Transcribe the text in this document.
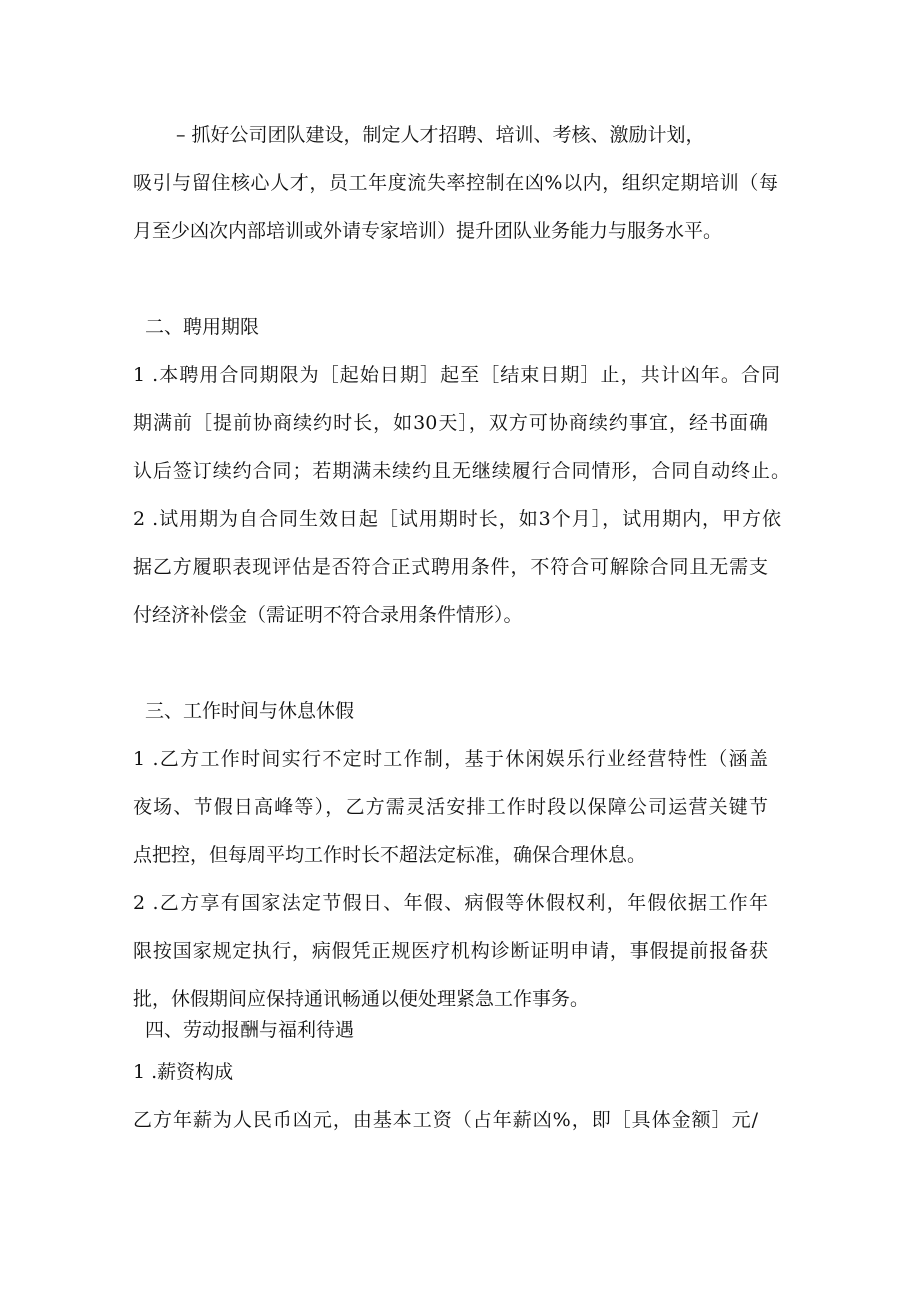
– 抓好公司团队建设，制定人才招聘、培训、考核、激励计划，
吸引与留住核心人才，员工年度流失率控制在凶%以内，组织定期培训（每
月至少凶次内部培训或外请专家培训）提升团队业务能力与服务水平。
二、聘用期限
1 .本聘用合同期限为［起始日期］起至［结束日期］止，共计凶年。合同
期满前［提前协商续约时长，如30天］，双方可协商续约事宜，经书面确
认后签订续约合同；若期满未续约且无继续履行合同情形，合同自动终止。
2 .试用期为自合同生效日起［试用期时长，如3个月］，试用期内，甲方依
据乙方履职表现评估是否符合正式聘用条件，不符合可解除合同且无需支
付经济补偿金（需证明不符合录用条件情形）。
三、工作时间与休息休假
1 .乙方工作时间实行不定时工作制，基于休闲娱乐行业经营特性（涵盖
夜场、节假日高峰等），乙方需灵活安排工作时段以保障公司运营关键节
点把控，但每周平均工作时长不超法定标准，确保合理休息。
2 .乙方享有国家法定节假日、年假、病假等休假权利，年假依据工作年
限按国家规定执行，病假凭正规医疗机构诊断证明申请，事假提前报备获
批，休假期间应保持通讯畅通以便处理紧急工作事务。
四、劳动报酬与福利待遇
1 .薪资构成
乙方年薪为人民币凶元，由基本工资（占年薪凶%，即［具体金额］元/
